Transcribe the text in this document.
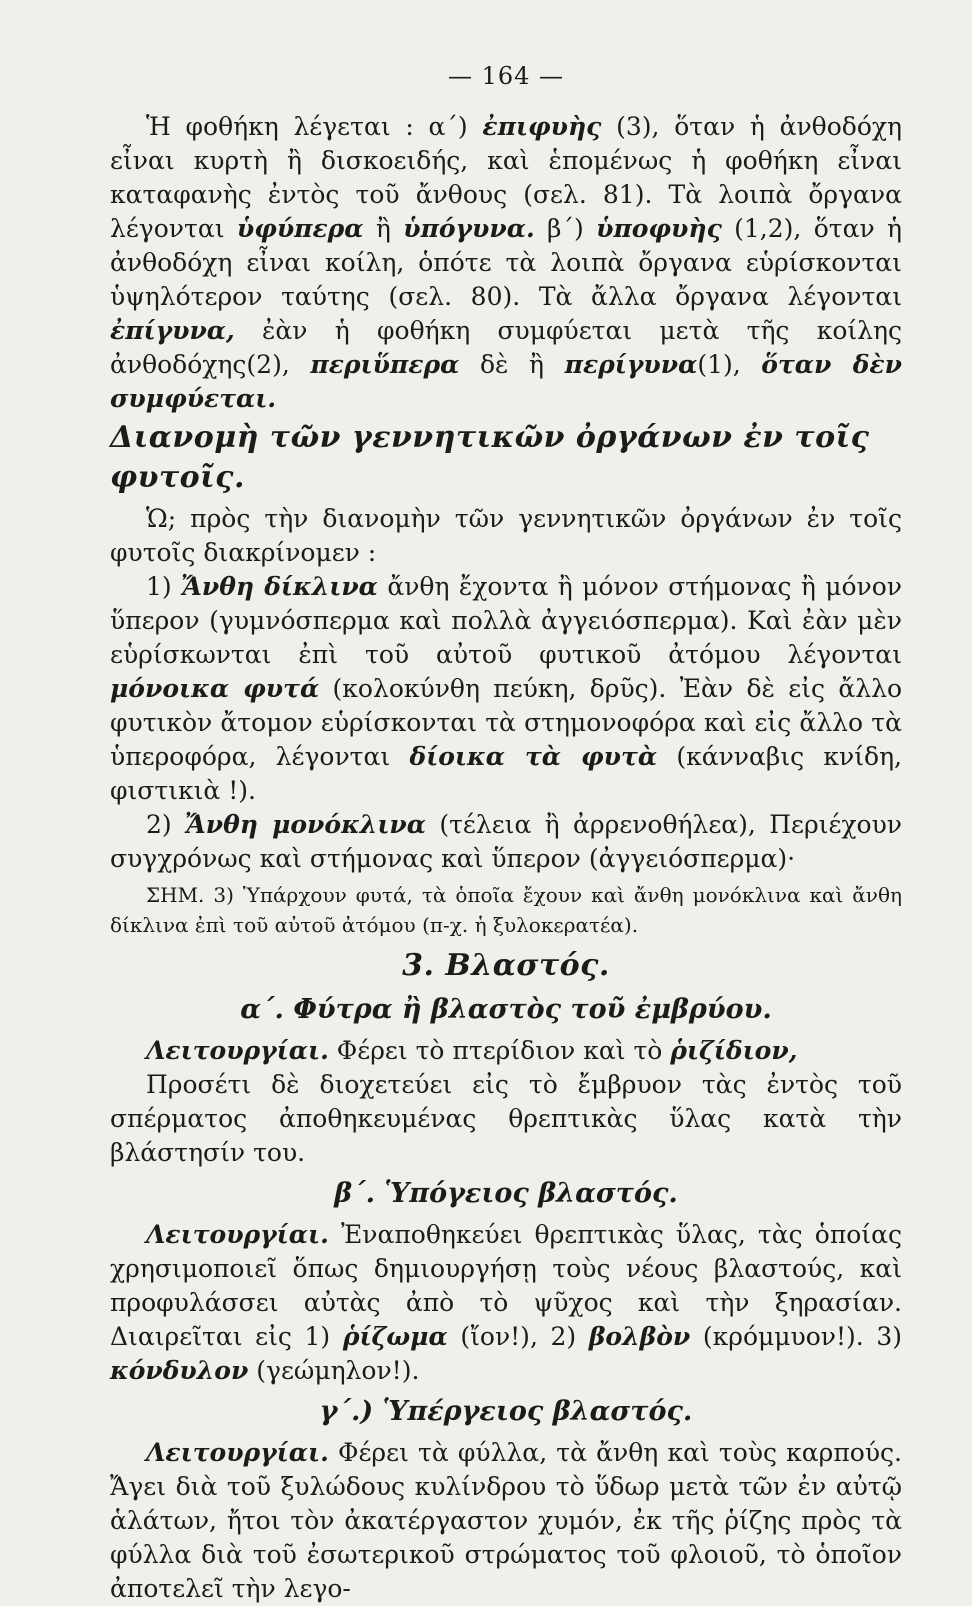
— 164 —

Ἡ φοθήκη λέγεται : α΄) ἐπιφυὴς (3), ὅταν ἡ ἀνθοδόχη εἶναι κυρτὴ ἢ δισκοειδής, καὶ ἑπομένως ἡ φοθήκη εἶναι καταφανὴς ἐντὸς τοῦ ἄνθους (σελ. 81). Τὰ λοιπὰ ὄργανα λέγονται ὑφύπερα ἢ ὑπόγυνα. β΄) ὑποφυὴς (1,2), ὅταν ἡ ἀνθοδόχη εἶναι κοίλη, ὁπότε τὰ λοιπὰ ὄργανα εὑρίσκονται ὑψηλότερον ταύτης (σελ. 80). Τὰ ἄλλα ὄργανα λέγονται ἐπίγυνα, ἐὰν ἡ φοθήκη συμφύεται μετὰ τῆς κοίλης ἀνθοδόχης(2), περιὕπερα δὲ ἢ περίγυνα(1), ὅταν δὲν συμφύεται.

Διανομὴ τῶν γεννητικῶν ὀργάνων ἐν τοῖς φυτοῖς.

Ὡ; πρὸς τὴν διανομὴν τῶν γεννητικῶν ὀργάνων ἐν τοῖς φυτοῖς διακρίνομεν :

1) Ἄνθη δίκλινα ἄνθη ἔχοντα ἢ μόνον στήμονας ἢ μόνον ὕπερον (γυμνόσπερμα καὶ πολλὰ ἀγγειόσπερμα). Καὶ ἐὰν μὲν εὑρίσκωνται ἐπὶ τοῦ αὐτοῦ φυτικοῦ ἀτόμου λέγονται μόνοικα φυτά (κολοκύνθη πεύκη, δρῦς). Ἐὰν δὲ εἰς ἄλλο φυτικὸν ἄτομον εὑρίσκονται τὰ στημονοφόρα καὶ εἰς ἄλλο τὰ ὑπεροφόρα, λέγονται δίοικα τὰ φυτὰ (κάνναβις κνίδη, φιστικιὰ !).

2) Ἄνθη μονόκλινα (τέλεια ἢ ἀρρενοθήλεα), Περιέχουν συγχρόνως καὶ στήμονας καὶ ὕπερον (ἀγγειόσπερμα)·

ΣΗΜ. 3) Ὑπάρχουν φυτά, τὰ ὁποῖα ἔχουν καὶ ἄνθη μονόκλινα καὶ ἄνθη δίκλινα ἐπὶ τοῦ αὐτοῦ ἀτόμου (π-χ. ἡ ξυλοκερατέα).

3. Βλαστός.
α΄. Φύτρα ἢ βλαστὸς τοῦ ἐμβρύου.

Λειτουργίαι. Φέρει τὸ πτερίδιον καὶ τὸ ῥιζίδιον,

Προσέτι δὲ διοχετεύει εἰς τὸ ἔμβρυον τὰς ἐντὸς τοῦ σπέρματος ἀποθηκευμένας θρεπτικὰς ὕλας κατὰ τὴν βλάστησίν του.

β΄. Ὑπόγειος βλαστός.

Λειτουργίαι. Ἐναποθηκεύει θρεπτικὰς ὕλας, τὰς ὁποίας χρησιμοποιεῖ ὅπως δημιουργήσῃ τοὺς νέους βλαστούς, καὶ προφυλάσσει αὐτὰς ἀπὸ τὸ ψῦχος καὶ τὴν ξηρασίαν. Διαιρεῖται εἰς 1) ῥίζωμα (ἴον!), 2) βολβὸν (κρόμμυον!). 3) κόνδυλον (γεώμηλον!).

γ΄.) Ὑπέργειος βλαστός.

Λειτουργίαι. Φέρει τὰ φύλλα, τὰ ἄνθη καὶ τοὺς καρπούς. Ἄγει διὰ τοῦ ξυλώδους κυλίνδρου τὸ ὕδωρ μετὰ τῶν ἐν αὐτῷ ἁλάτων, ἤτοι τὸν ἀκατέργαστον χυμόν, ἐκ τῆς ῥίζης πρὸς τὰ φύλλα διὰ τοῦ ἐσωτερικοῦ στρώματος τοῦ φλοιοῦ, τὸ ὁποῖον ἀποτελεῖ τὴν λεγο-
